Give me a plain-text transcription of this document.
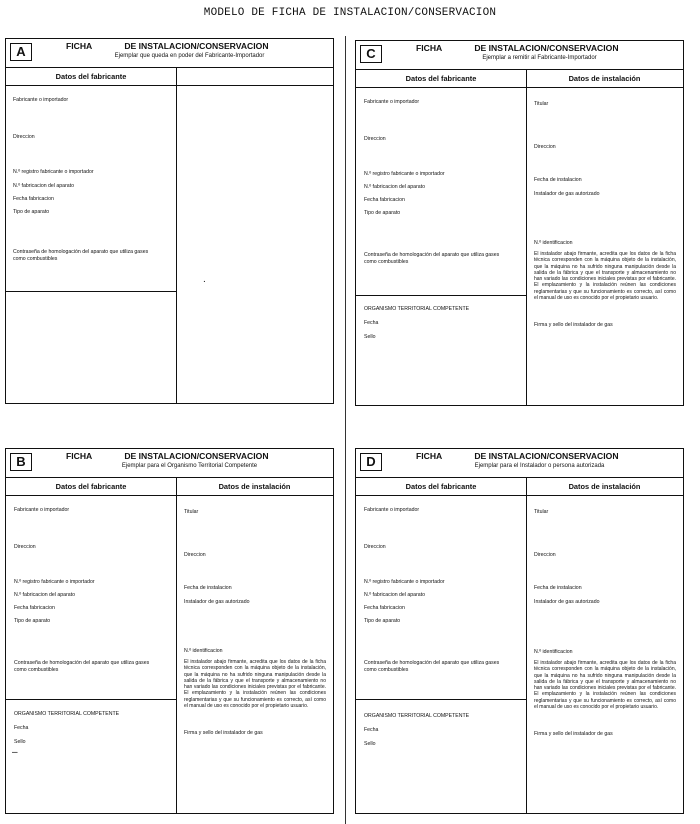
MODELO DE FICHA DE INSTALACION/CONSERVACION
A	FICHA	DE INSTALACION/CONSERVACION
Ejemplar que queda en poder del Fabricante-Importador
Datos del fabricante
Fabricante o importador
Direccion
N.º registro fabricante o importador
N.º fabricacion del aparato
Fecha fabricacion
Tipo de aparato
Contraseña de homologación del aparato que utiliza gases como combustibles
.
C	FICHA	DE INSTALACION/CONSERVACION
Ejemplar a remitir al Fabricante-Importador
Datos del fabricante	Datos de instalación
Fabricante o importador
Direccion
N.º registro fabricante o importador
N.º fabricacion del aparato
Fecha fabricacion
Tipo de aparato
Contraseña de homologación del aparato que utiliza gases como combustibles
ORGANISMO TERRITORIAL COMPETENTE
Fecha
Sello
Titular
Direccion
Fecha de instalacion
Instalador de gas autorizado
N.º identificacion
El instalador abajo firmante, acredita que los datos de la ficha técnica corresponden con la máquina objeto de la instalación, que la máquina no ha sufrido ninguna manipulación desde la salida de la fábrica y que el transporte y almacenamiento no han variado las condiciones iniciales previstas por el fabricante. El emplazamiento y la instalación reúnen las condiciones reglamentarias y que su funcionamiento es correcto, así como el manual de uso es conocido por el propietario usuario.
Firma y sello del instalador de gas
B	FICHA	DE INSTALACION/CONSERVACION
Ejemplar para el Organismo Territorial Competente
Datos del fabricante	Datos de instalación
Fabricante o importador
Direccion
N.º registro fabricante o importador
N.º fabricacion del aparato
Fecha fabricacion
Tipo de aparato
Contraseña de homologación del aparato que utiliza gases como combustibles
ORGANISMO TERRITORIAL COMPETENTE
Fecha
Sello
–
Titular
Direccion
Fecha de instalacion
Instalador de gas autorizado
N.º identificacion
El instalador abajo firmante, acredita que los datos de la ficha técnica corresponden con la máquina objeto de la instalación, que la máquina no ha sufrido ninguna manipulación desde la salida de la fábrica y que el transporte y almacenamiento no han variado las condiciones iniciales previstas por el fabricante. El emplazamiento y la instalación reúnen las condiciones reglamentarias y que su funcionamiento es correcto, así como el manual de uso es conocido por el propietario usuario.
Firma y sello del instalador de gas
D	FICHA	DE INSTALACION/CONSERVACION
Ejemplar para el Instalador o persona autorizada
Datos del fabricante	Datos de instalación
Fabricante o importador
Direccion
N.º registro fabricante o importador
N.º fabricacion del aparato
Fecha fabricacion
Tipo de aparato
Contraseña de homologación del aparato que utiliza gases como combustibles
ORGANISMO TERRITORIAL COMPETENTE
Fecha
Sello
Titular
Direccion
Fecha de instalacion
Instalador de gas autorizado
N.º identificacion
El instalador abajo firmante, acredita que los datos de la ficha técnica corresponden con la máquina objeto de la instalación, que la máquina no ha sufrido ninguna manipulación desde la salida de la fábrica y que el transporte y almacenamiento no han variado las condiciones iniciales previstas por el fabricante. El emplazamiento y la instalación reúnen las condiciones reglamentarias y que su funcionamiento es correcto, así como el manual de uso es conocido por el propietario usuario.
Firma y sello del instalador de gas
